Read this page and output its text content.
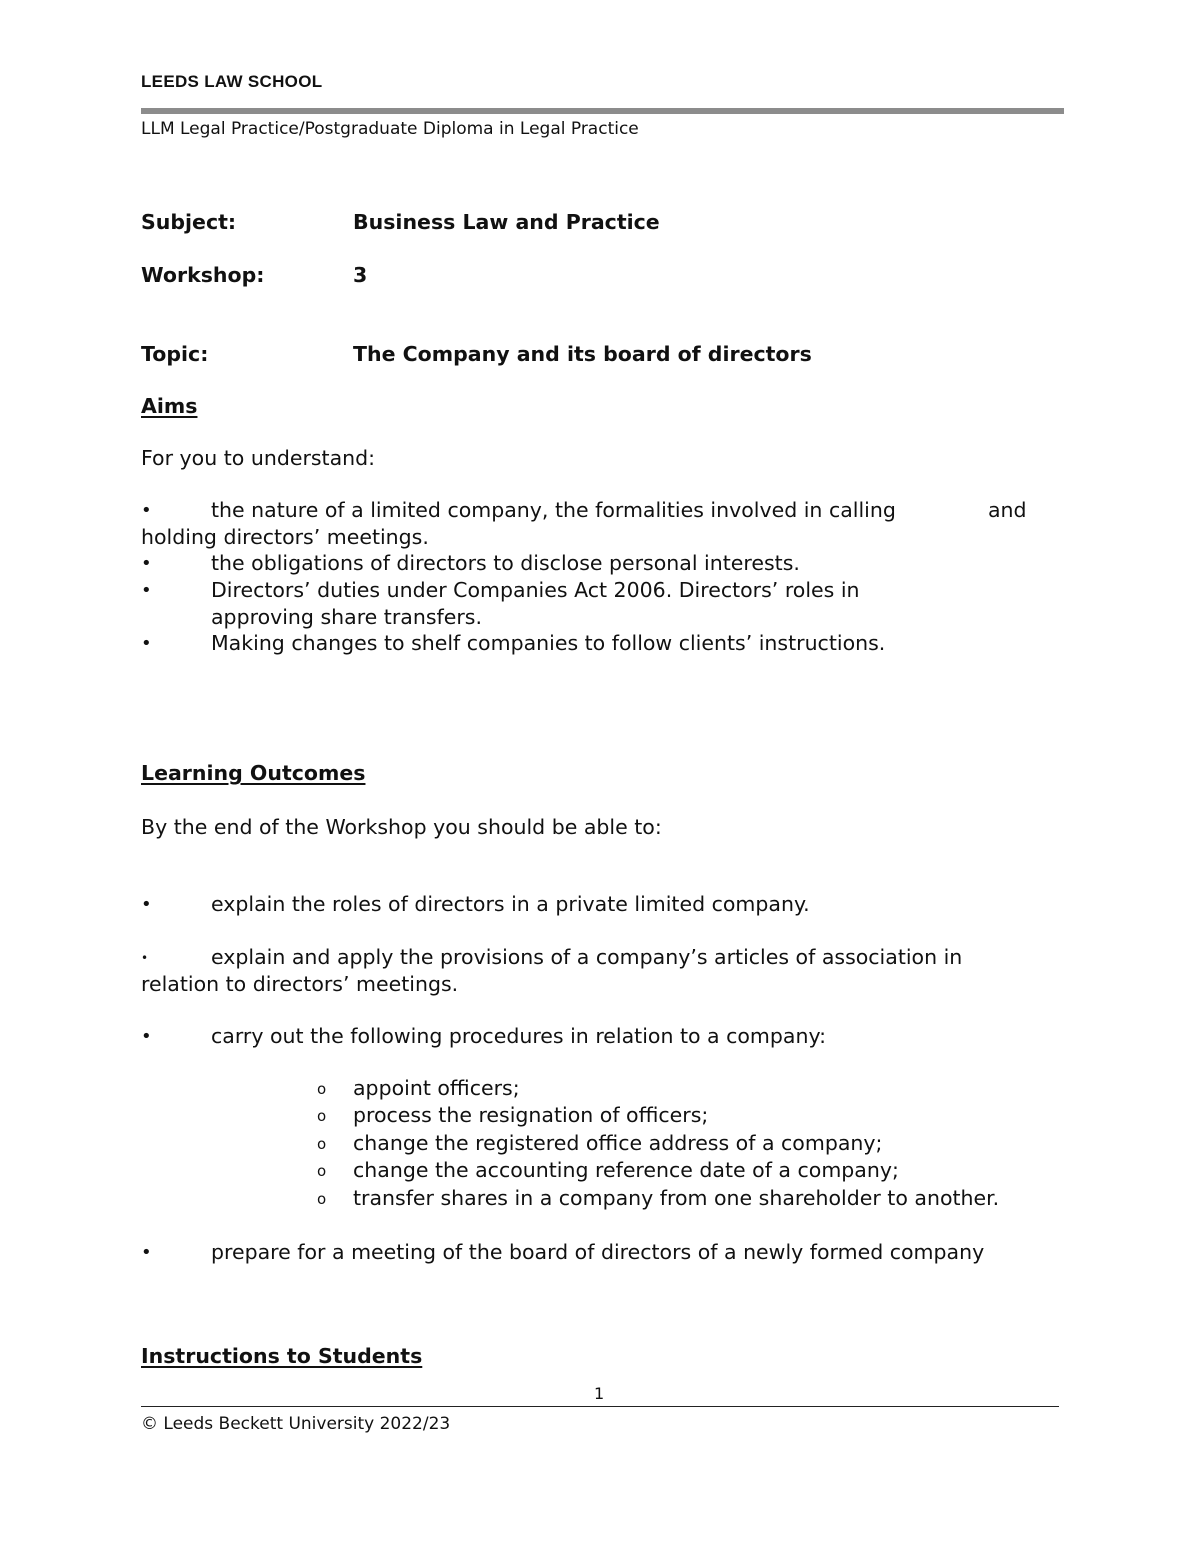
LEEDS LAW SCHOOL
LLM Legal Practice/Postgraduate Diploma in Legal Practice
Subject:	Business Law and Practice
Workshop:	3
Topic:	The Company and its board of directors
Aims
For you to understand:
•	the nature of a limited company, the formalities involved in calling	and
holding directors’ meetings.
•	the obligations of directors to disclose personal interests.
•	Directors’ duties under Companies Act 2006. Directors’ roles in
approving share transfers.
•	Making changes to shelf companies to follow clients’ instructions.
Learning Outcomes
By the end of the Workshop you should be able to:
•	explain the roles of directors in a private limited company.
•	explain and apply the provisions of a company’s articles of association in
relation to directors’ meetings.
•	carry out the following procedures in relation to a company:
o appoint officers;
o process the resignation of officers;
o change the registered office address of a company;
o change the accounting reference date of a company;
o transfer shares in a company from one shareholder to another.
•	prepare for a meeting of the board of directors of a newly formed company
Instructions to Students
1
© Leeds Beckett University 2022/23
